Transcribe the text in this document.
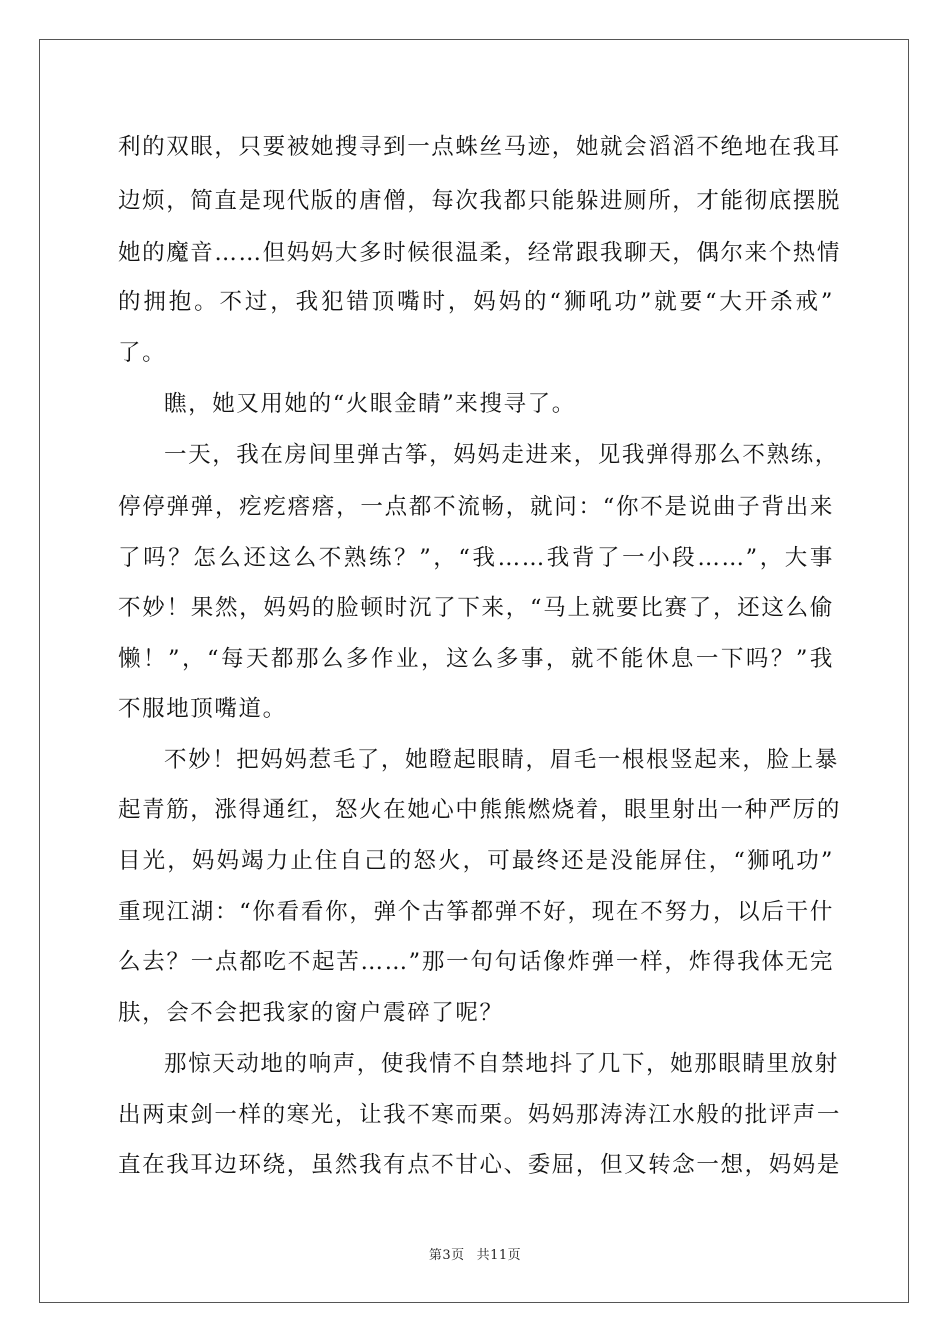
利的双眼，只要被她搜寻到一点蛛丝马迹，她就会滔滔不绝地在我耳
边烦，简直是现代版的唐僧，每次我都只能躲进厕所，才能彻底摆脱
她的魔音……但妈妈大多时候很温柔，经常跟我聊天，偶尔来个热情
的拥抱。不过，我犯错顶嘴时，妈妈的“狮吼功”就要“大开杀戒”
了。
瞧，她又用她的“火眼金睛”来搜寻了。
一天，我在房间里弹古筝，妈妈走进来，见我弹得那么不熟练，
停停弹弹，疙疙瘩瘩，一点都不流畅，就问：“你不是说曲子背出来
了吗？怎么还这么不熟练？”，“我……我背了一小段……”，大事
不妙！果然，妈妈的脸顿时沉了下来，“马上就要比赛了，还这么偷
懒！”，“每天都那么多作业，这么多事，就不能休息一下吗？”我
不服地顶嘴道。
不妙！把妈妈惹毛了，她瞪起眼睛，眉毛一根根竖起来，脸上暴
起青筋，涨得通红，怒火在她心中熊熊燃烧着，眼里射出一种严厉的
目光，妈妈竭力止住自己的怒火，可最终还是没能屏住，“狮吼功”
重现江湖：“你看看你，弹个古筝都弹不好，现在不努力，以后干什
么去？一点都吃不起苦……”那一句句话像炸弹一样，炸得我体无完
肤，会不会把我家的窗户震碎了呢？
那惊天动地的响声，使我情不自禁地抖了几下，她那眼睛里放射
出两束剑一样的寒光，让我不寒而栗。妈妈那涛涛江水般的批评声一
直在我耳边环绕，虽然我有点不甘心、委屈，但又转念一想，妈妈是
第3页 共11页
